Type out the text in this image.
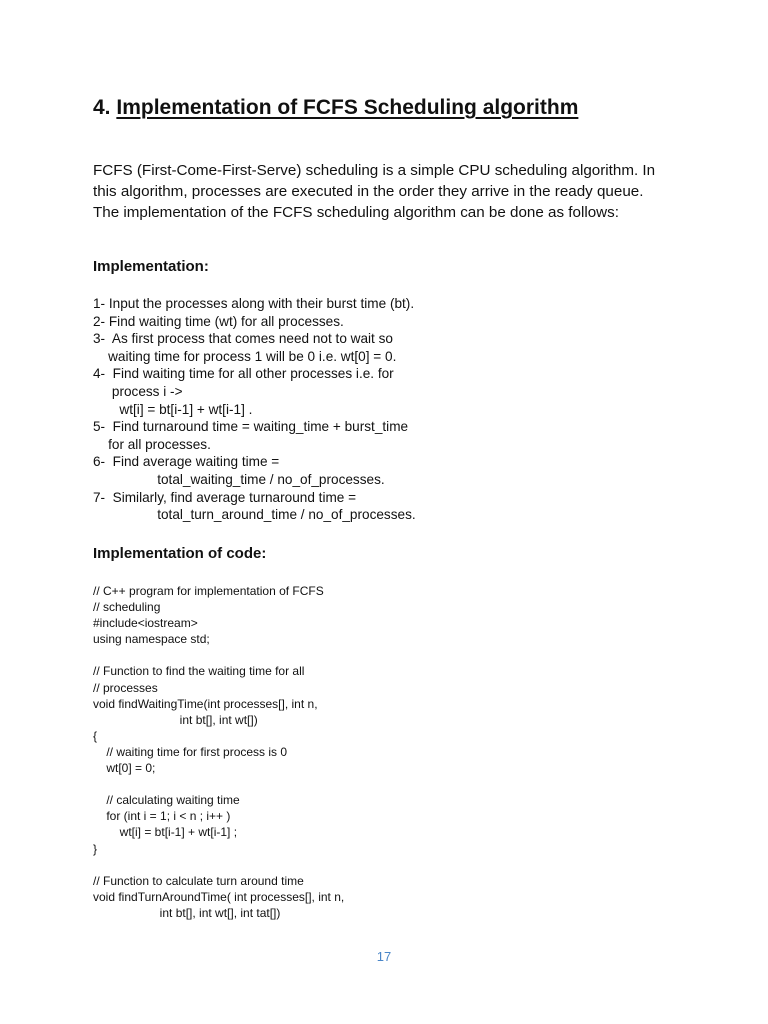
4. Implementation of FCFS Scheduling algorithm
FCFS (First-Come-First-Serve) scheduling is a simple CPU scheduling algorithm. In
this algorithm, processes are executed in the order they arrive in the ready queue.
The implementation of the FCFS scheduling algorithm can be done as follows:
Implementation:
1- Input the processes along with their burst time (bt).
2- Find waiting time (wt) for all processes.
3-  As first process that comes need not to wait so
waiting time for process 1 will be 0 i.e. wt[0] = 0.
4-  Find waiting time for all other processes i.e. for
process i ->
wt[i] = bt[i-1] + wt[i-1] .
5-  Find turnaround time = waiting_time + burst_time
for all processes.
6-  Find average waiting time =
total_waiting_time / no_of_processes.
7-  Similarly, find average turnaround time =
total_turn_around_time / no_of_processes.
Implementation of code:
// C++ program for implementation of FCFS
// scheduling
#include<iostream>
using namespace std;
// Function to find the waiting time for all
// processes
void findWaitingTime(int processes[], int n,
int bt[], int wt[])
{
// waiting time for first process is 0
wt[0] = 0;
// calculating waiting time
for (int i = 1; i < n ; i++ )
wt[i] = bt[i-1] + wt[i-1] ;
}
// Function to calculate turn around time
void findTurnAroundTime( int processes[], int n,
int bt[], int wt[], int tat[])
17
